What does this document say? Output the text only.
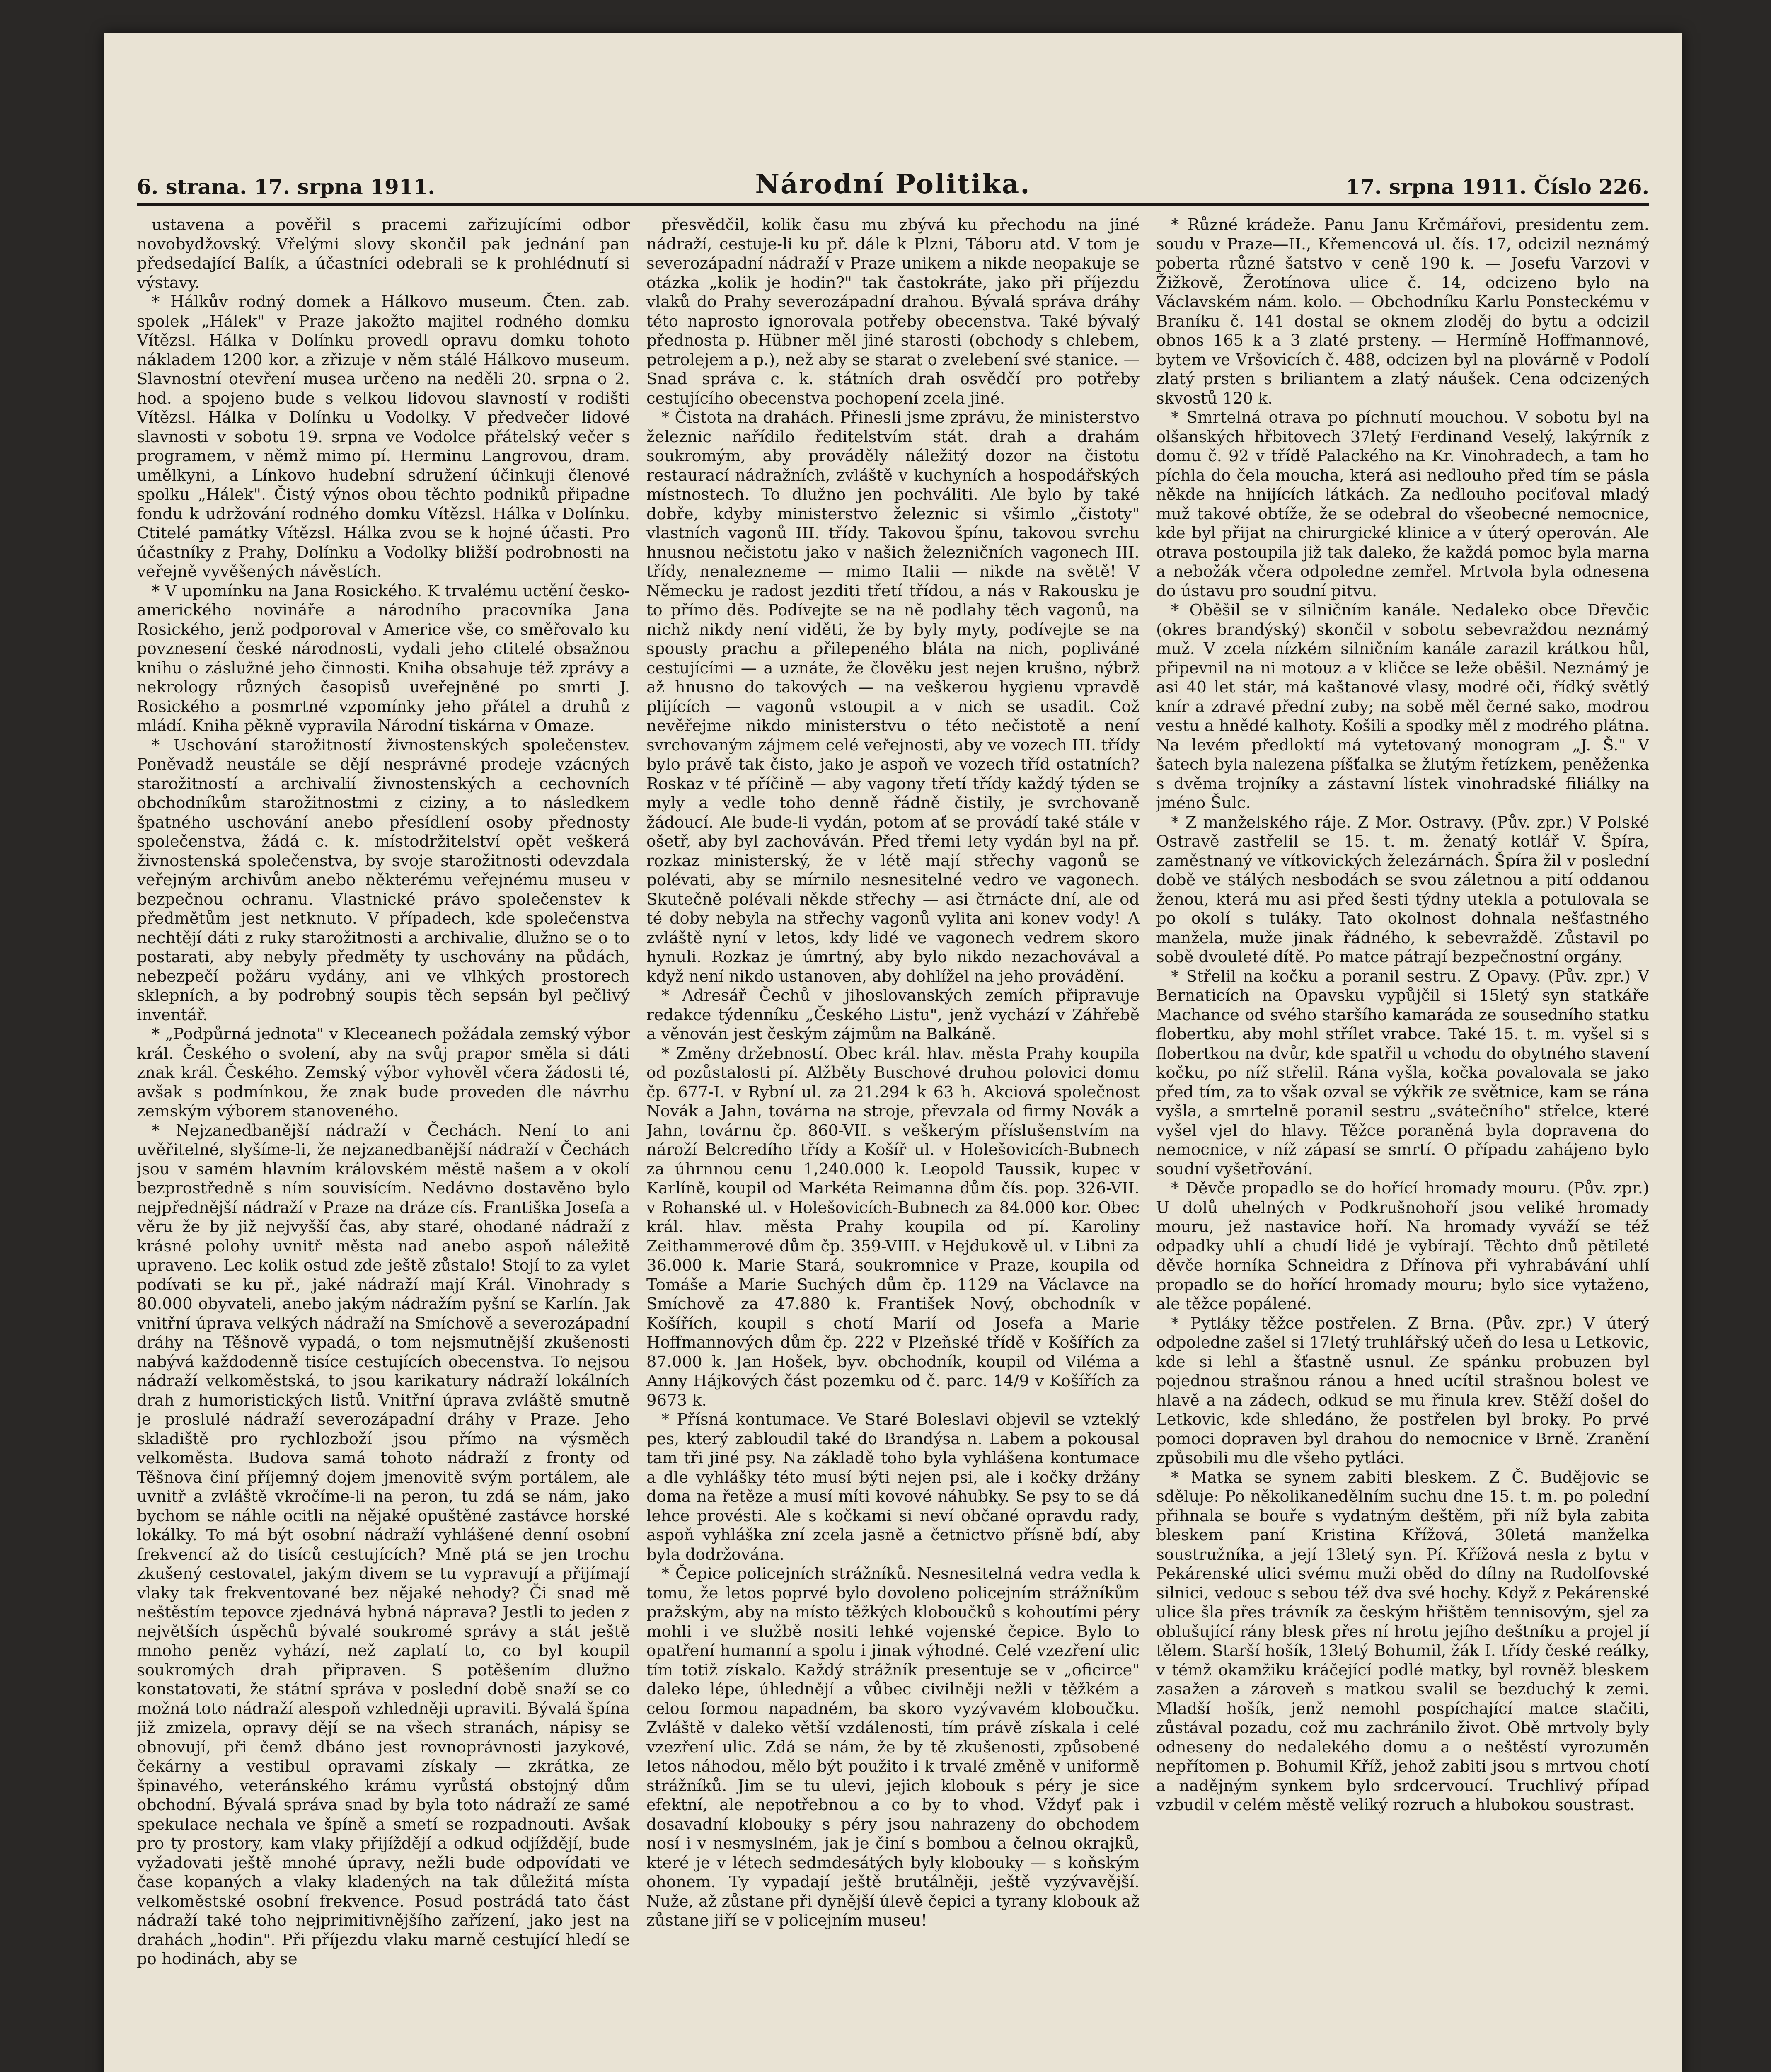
6. strana. 17. srpna 1911.	Národní Politika.	17. srpna 1911. Číslo 226.

ustavena a pověřil s pracemi zařizujícími odbor novobydžovský. Vřelými slovy skončil pak jednání pan předsedající Balík, a účastníci odebrali se k prohlédnutí si výstavy.

* Hálkův rodný domek a Hálkovo museum. Čten. zab. spolek „Hálek" v Praze jakožto majitel rodného domku Vítězsl. Hálka v Dolínku provedl opravu domku tohoto nákladem 1200 kor. a zřizuje v něm stálé Hálkovo museum. Slavnostní otevření musea určeno na neděli 20. srpna o 2. hod. a spojeno bude s velkou lidovou slavností v rodišti Vítězsl. Hálka v Dolínku u Vodolky. V předvečer lidové slavnosti v sobotu 19. srpna ve Vodolce přátelský večer s programem, v němž mimo pí. Herminu Langrovou, dram. umělkyni, a Línkovo hudební sdružení účinkuji členové spolku „Hálek". Čistý výnos obou těchto podniků připadne fondu k udržování rodného domku Vítězsl. Hálka v Dolínku. Ctitelé památky Vítězsl. Hálka zvou se k hojné účasti. Pro účastníky z Prahy, Dolínku a Vodolky bližší podrobnosti na veřejně vyvěšených návěstích.

* V upomínku na Jana Rosického. K trvalému uctění česko-amerického novináře a národního pracovníka Jana Rosického, jenž podporoval v Americe vše, co směřovalo ku povznesení české národnosti, vydali jeho ctitelé obsažnou knihu o záslužné jeho činnosti. Kniha obsahuje též zprávy a nekrology různých časopisů uveřejněné po smrti J. Rosického a posmrtné vzpomínky jeho přátel a druhů z mládí. Kniha pěkně vypravila Národní tiskárna v Omaze.

* Uschování starožitností živnostenských společenstev. Poněvadž neustále se dějí nesprávné prodeje vzácných starožitností a archivalií živnostenských a cechovních obchodníkům starožitnostmi z ciziny, a to následkem špatného uschování anebo přesídlení osoby přednosty společenstva, žádá c. k. místodržitelství opět veškerá živnostenská společenstva, by svoje starožitnosti odevzdala veřejným archivům anebo některému veřejnému museu v bezpečnou ochranu. Vlastnické právo společenstev k předmětům jest netknuto. V případech, kde společenstva nechtějí dáti z ruky starožitnosti a archivalie, dlužno se o to postarati, aby nebyly předměty ty uschovány na půdách, nebezpečí požáru vydány, ani ve vlhkých prostorech sklepních, a by podrobný soupis těch sepsán byl pečlivý inventář.

* „Podpůrná jednota" v Kleceanech požádala zemský výbor král. Českého o svolení, aby na svůj prapor směla si dáti znak král. Českého. Zemský výbor vyhověl včera žádosti té, avšak s podmínkou, že znak bude proveden dle návrhu zemským výborem stanoveného.

* Nejzanedbanější nádraží v Čechách. Není to ani uvěřitelné, slyšíme-li, že nejzanedbanější nádraží v Čechách jsou v samém hlavním královském městě našem a v okolí bezprostředně s ním souvisícím. Nedávno dostavěno bylo nejpřednější nádraží v Praze na dráze cís. Františka Josefa a věru že by již nejvyšší čas, aby staré, ohodané nádraží z krásné polohy uvnitř města nad anebo aspoň náležitě upraveno. Lec kolik ostud zde ještě zůstalo! Stojí to za vylet podívati se ku př., jaké nádraží mají Král. Vinohrady s 80.000 obyvateli, anebo jakým nádražím pyšní se Karlín. Jak vnitřní úprava velkých nádraží na Smíchově a severozápadní dráhy na Těšnově vypadá, o tom nejsmutnější zkušenosti nabývá každodenně tisíce cestujících obecenstva. To nejsou nádraží velkoměstská, to jsou karikatury nádraží lokálních drah z humoristických listů. Vnitřní úprava zvláště smutně je proslulé nádraží severozápadní dráhy v Praze. Jeho skladiště pro rychlozboží jsou přímo na výsměch velkoměsta. Budova samá tohoto nádraží z fronty od Těšnova činí příjemný dojem jmenovitě svým portálem, ale uvnitř a zvláště vkročíme-li na peron, tu zdá se nám, jako bychom se náhle ocitli na nějaké opuštěné zastávce horské lokálky. To má být osobní nádraží vyhlášené denní osobní frekvencí až do tisíců cestujících? Mně ptá se jen trochu zkušený cestovatel, jakým divem se tu vypravují a přijímají vlaky tak frekventované bez nějaké nehody? Či snad mě neštěstím tepovce zjednává hybná náprava? Jestli to jeden z největších úspěchů bývalé soukromé správy a stát ještě mnoho peněz vyhází, než zaplatí to, co byl koupil soukromých drah připraven. S potěšením dlužno konstatovati, že státní správa v poslední době snaží se co možná toto nádraží alespoň vzhledněji upraviti. Bývalá špína již zmizela, opravy dějí se na všech stranách, nápisy se obnovují, při čemž dbáno jest rovnoprávnosti jazykové, čekárny a vestibul opravami získaly — zkrátka, ze špinavého, veteránského krámu vyrůstá obstojný dům obchodní. Bývalá správa snad by byla toto nádraží ze samé spekulace nechala ve špíně a smetí se rozpadnouti. Avšak pro ty prostory, kam vlaky přijíždějí a odkud odjíždějí, bude vyžadovati ještě mnohé úpravy, nežli bude odpovídati ve čase kopaných a vlaky kladených na tak důležitá místa velkoměstské osobní frekvence. Posud postrádá tato část nádraží také toho nejprimitivnějšího zařízení, jako jest na drahách „hodin". Při příjezdu vlaku marně cestující hledí se po hodinách, aby se

přesvědčil, kolik času mu zbývá ku přechodu na jiné nádraží, cestuje-li ku př. dále k Plzni, Táboru atd. V tom je severozápadní nádraží v Praze unikem a nikde neopakuje se otázka „kolik je hodin?" tak častokráte, jako při příjezdu vlaků do Prahy severozápadní drahou. Bývalá správa dráhy této naprosto ignorovala potřeby obecenstva. Také bývalý přednosta p. Hübner měl jiné starosti (obchody s chlebem, petrolejem a p.), než aby se starat o zvelebení své stanice. — Snad správa c. k. státních drah osvědčí pro potřeby cestujícího obecenstva pochopení zcela jiné.

* Čistota na drahách. Přinesli jsme zprávu, že ministerstvo železnic nařídilo ředitelstvím stát. drah a drahám soukromým, aby prováděly náležitý dozor na čistotu restaurací nádražních, zvláště v kuchyních a hospodářských místnostech. To dlužno jen pochváliti. Ale bylo by také dobře, kdyby ministerstvo železnic si všimlo „čistoty" vlastních vagonů III. třídy. Takovou špínu, takovou svrchu hnusnou nečistotu jako v našich železničních vagonech III. třídy, nenalezneme — mimo Italii — nikde na světě! V Německu je radost jezditi třetí třídou, a nás v Rakousku je to přímo děs. Podívejte se na ně podlahy těch vagonů, na nichž nikdy není viděti, že by byly myty, podívejte se na spousty prachu a přilepeného bláta na nich, popliváné cestujícími — a uznáte, že člověku jest nejen krušno, nýbrž až hnusno do takových — na veškerou hygienu vpravdě plijících — vagonů vstoupit a v nich se usadit. Což nevěřejme nikdo ministerstvu o této nečistotě a není svrchovaným zájmem celé veřejnosti, aby ve vozech III. třídy bylo právě tak čisto, jako je aspoň ve vozech tříd ostatních? Roskaz v té příčině — aby vagony třetí třídy každý týden se myly a vedle toho denně řádně čistily, je svrchovaně žádoucí. Ale bude-li vydán, potom ať se provádí také stále v ošetř, aby byl zachováván. Před třemi lety vydán byl na př. rozkaz ministerský, že v létě mají střechy vagonů se polévati, aby se mírnilo nesnesitelné vedro ve vagonech. Skutečně polévali někde střechy — asi čtrnácte dní, ale od té doby nebyla na střechy vagonů vylita ani konev vody! A zvláště nyní v letos, kdy lidé ve vagonech vedrem skoro hynuli. Rozkaz je úmrtný, aby bylo nikdo nezachovával a když není nikdo ustanoven, aby dohlížel na jeho provádění.

* Adresář Čechů v jihoslovanských zemích připravuje redakce týdenníku „Českého Listu", jenž vychází v Záhřebě a věnován jest českým zájmům na Balkáně.

* Změny držebností. Obec král. hlav. města Prahy koupila od pozůstalosti pí. Alžběty Buschové druhou polovici domu čp. 677-I. v Rybní ul. za 21.294 k 63 h. Akciová společnost Novák a Jahn, továrna na stroje, převzala od firmy Novák a Jahn, továrnu čp. 860-VII. s veškerým příslušenstvím na nároží Belcredího třídy a Košíř ul. v Holešovicích-Bubnech za úhrnnou cenu 1,240.000 k. Leopold Taussik, kupec v Karlíně, koupil od Markéta Reimanna dům čís. pop. 326-VII. v Rohanské ul. v Holešovicích-Bubnech za 84.000 kor. Obec král. hlav. města Prahy koupila od pí. Karoliny Zeithammerové dům čp. 359-VIII. v Hejdukově ul. v Libni za 36.000 k. Marie Stará, soukromnice v Praze, koupila od Tomáše a Marie Suchých dům čp. 1129 na Václavce na Smíchově za 47.880 k. František Nový, obchodník v Košířích, koupil s chotí Marií od Josefa a Marie Hoffmannových dům čp. 222 v Plzeňské třídě v Košířích za 87.000 k. Jan Hošek, byv. obchodník, koupil od Viléma a Anny Hájkových část pozemku od č. parc. 14/9 v Košířích za 9673 k.

* Přísná kontumace. Ve Staré Boleslavi objevil se vzteklý pes, který zabloudil také do Brandýsa n. Labem a pokousal tam tři jiné psy. Na základě toho byla vyhlášena kontumace a dle vyhlášky této musí býti nejen psi, ale i kočky držány doma na řetěze a musí míti kovové náhubky. Se psy to se dá lehce provésti. Ale s kočkami si neví občané opravdu rady, aspoň vyhláška zní zcela jasně a četnictvo přísně bdí, aby byla dodržována.

* Čepice policejních strážníků. Nesnesitelná vedra vedla k tomu, že letos poprvé bylo dovoleno policejním strážníkům pražským, aby na místo těžkých kloboučků s kohoutími péry mohli i ve službě nositi lehké vojenské čepice. Bylo to opatření humanní a spolu i jinak výhodné. Celé vzezření ulic tím totiž získalo. Každý strážník presentuje se v „oficirce" daleko lépe, úhlednějí a vůbec civilněji nežli v těžkém a celou formou napadném, ba skoro vyzývavém kloboučku. Zvláště v daleko větší vzdálenosti, tím právě získala i celé vzezření ulic. Zdá se nám, že by tě zkušenosti, způsobené letos náhodou, mělo být použito i k trvalé změně v uniformě strážníků. Jim se tu ulevi, jejich klobouk s péry je sice efektní, ale nepotřebnou a co by to vhod. Vždyť pak i dosavadní klobouky s péry jsou nahrazeny do obchodem nosí i v nesmyslném, jak je činí s bombou a čelnou okrajků, které je v létech sedmdesátých byly klobouky — s koňským ohonem. Ty vypadají ještě brutálněji, ještě vyzývavější. Nuže, až zůstane při dynější úlevě čepici a tyrany klobouk až zůstane jiří se v policejním museu!

* Různé krádeže. Panu Janu Krčmářovi, presidentu zem. soudu v Praze—II., Křemencová ul. čís. 17, odcizil neznámý poberta různé šatstvo v ceně 190 k. — Josefu Varzovi v Žižkově, Žerotínova ulice č. 14, odcizeno bylo na Václavském nám. kolo. — Obchodníku Karlu Ponsteckému v Braníku č. 141 dostal se oknem zloděj do bytu a odcizil obnos 165 k a 3 zlaté prsteny. — Hermíně Hoffmannové, bytem ve Vršovicích č. 488, odcizen byl na plovárně v Podolí zlatý prsten s briliantem a zlatý náušek. Cena odcizených skvostů 120 k.

* Smrtelná otrava po píchnutí mouchou. V sobotu byl na olšanských hřbitovech 37letý Ferdinand Veselý, lakýrník z domu č. 92 v třídě Palackého na Kr. Vinohradech, a tam ho píchla do čela moucha, která asi nedlouho před tím se pásla někde na hnijících látkách. Za nedlouho pociťoval mladý muž takové obtíže, že se odebral do všeobecné nemocnice, kde byl přijat na chirurgické klinice a v úterý operován. Ale otrava postoupila již tak daleko, že každá pomoc byla marna a nebožák včera odpoledne zemřel. Mrtvola byla odnesena do ústavu pro soudní pitvu.

* Oběšil se v silničním kanále. Nedaleko obce Dřevčic (okres brandýský) skončil v sobotu sebevraždou neznámý muž. V zcela nízkém silničním kanále zarazil krátkou hůl, připevnil na ni motouz a v kličce se leže oběšil. Neznámý je asi 40 let stár, má kaštanové vlasy, modré oči, řídký světlý knír a zdravé přední zuby; na sobě měl černé sako, modrou vestu a hnědé kalhoty. Košili a spodky měl z modrého plátna. Na levém předloktí má vytetovaný monogram „J. Š." V šatech byla nalezena píšťalka se žlutým řetízkem, peněženka s dvěma trojníky a zástavní lístek vinohradské filiálky na jméno Šulc.

* Z manželského ráje. Z Mor. Ostravy. (Pův. zpr.) V Polské Ostravě zastřelil se 15. t. m. ženatý kotlář V. Špíra, zaměstnaný ve vítkovických železárnách. Špíra žil v poslední době ve stálých nesbodách se svou záletnou a pití oddanou ženou, která mu asi před šesti týdny utekla a potulovala se po okolí s tuláky. Tato okolnost dohnala nešťastného manžela, muže jinak řádného, k sebevraždě. Zůstavil po sobě dvouleté dítě. Po matce pátrají bezpečnostní orgány.

* Střelil na kočku a poranil sestru. Z Opavy. (Pův. zpr.) V Bernaticích na Opavsku vypůjčil si 15letý syn statkáře Machance od svého staršího kamaráda ze sousedního statku flobertku, aby mohl střílet vrabce. Také 15. t. m. vyšel si s flobertkou na dvůr, kde spatřil u vchodu do obytného stavení kočku, po níž střelil. Rána vyšla, kočka povalovala se jako před tím, za to však ozval se výkřik ze světnice, kam se rána vyšla, a smrtelně poranil sestru „svátečního" střelce, které vyšel vjel do hlavy. Těžce poraněná byla dopravena do nemocnice, v níž zápasí se smrtí. O případu zahájeno bylo soudní vyšetřování.

* Děvče propadlo se do hořící hromady mouru. (Pův. zpr.) U dolů uhelných v Podkrušnohoří jsou veliké hromady mouru, jež nastavice hoří. Na hromady vyváží se též odpadky uhlí a chudí lidé je vybírají. Těchto dnů pětileté děvče horníka Schneidra z Dřínova při vyhrabávání uhlí propadlo se do hořící hromady mouru; bylo sice vytaženo, ale těžce popálené.

* Pytláky těžce postřelen. Z Brna. (Pův. zpr.) V úterý odpoledne zašel si 17letý truhlářský učeň do lesa u Letkovic, kde si lehl a šťastně usnul. Ze spánku probuzen byl pojednou strašnou ránou a hned ucítil strašnou bolest ve hlavě a na zádech, odkud se mu řinula krev. Stěží došel do Letkovic, kde shledáno, že postřelen byl broky. Po prvé pomoci dopraven byl drahou do nemocnice v Brně. Zranění způsobili mu dle všeho pytláci.

* Matka se synem zabiti bleskem. Z Č. Budějovic se sděluje: Po několikanedělním suchu dne 15. t. m. po polední přihnala se bouře s vydatným deštěm, při níž byla zabita bleskem paní Kristina Křížová, 30letá manželka soustružníka, a její 13letý syn. Pí. Křížová nesla z bytu v Pekárenské ulici svému muži oběd do dílny na Rudolfovské silnici, vedouc s sebou též dva své hochy. Když z Pekárenské ulice šla přes trávník za českým hřištěm tennisovým, sjel za oblušující rány blesk přes ní hrotu jejího deštníku a projel jí tělem. Starší hošík, 13letý Bohumil, žák I. třídy české reálky, v témž okamžiku kráčející podlé matky, byl rovněž bleskem zasažen a zároveň s matkou svalil se bezduchý k zemi. Mladší hošík, jenž nemohl pospíchající matce stačiti, zůstával pozadu, což mu zachránilo život. Obě mrtvoly byly odneseny do nedalekého domu a o neštěstí vyrozuměn nepřítomen p. Bohumil Kříž, jehož zabiti jsou s mrtvou chotí a nadějným synkem bylo srdcervoucí. Truchlivý případ vzbudil v celém městě veliký rozruch a hlubokou soustrast.
